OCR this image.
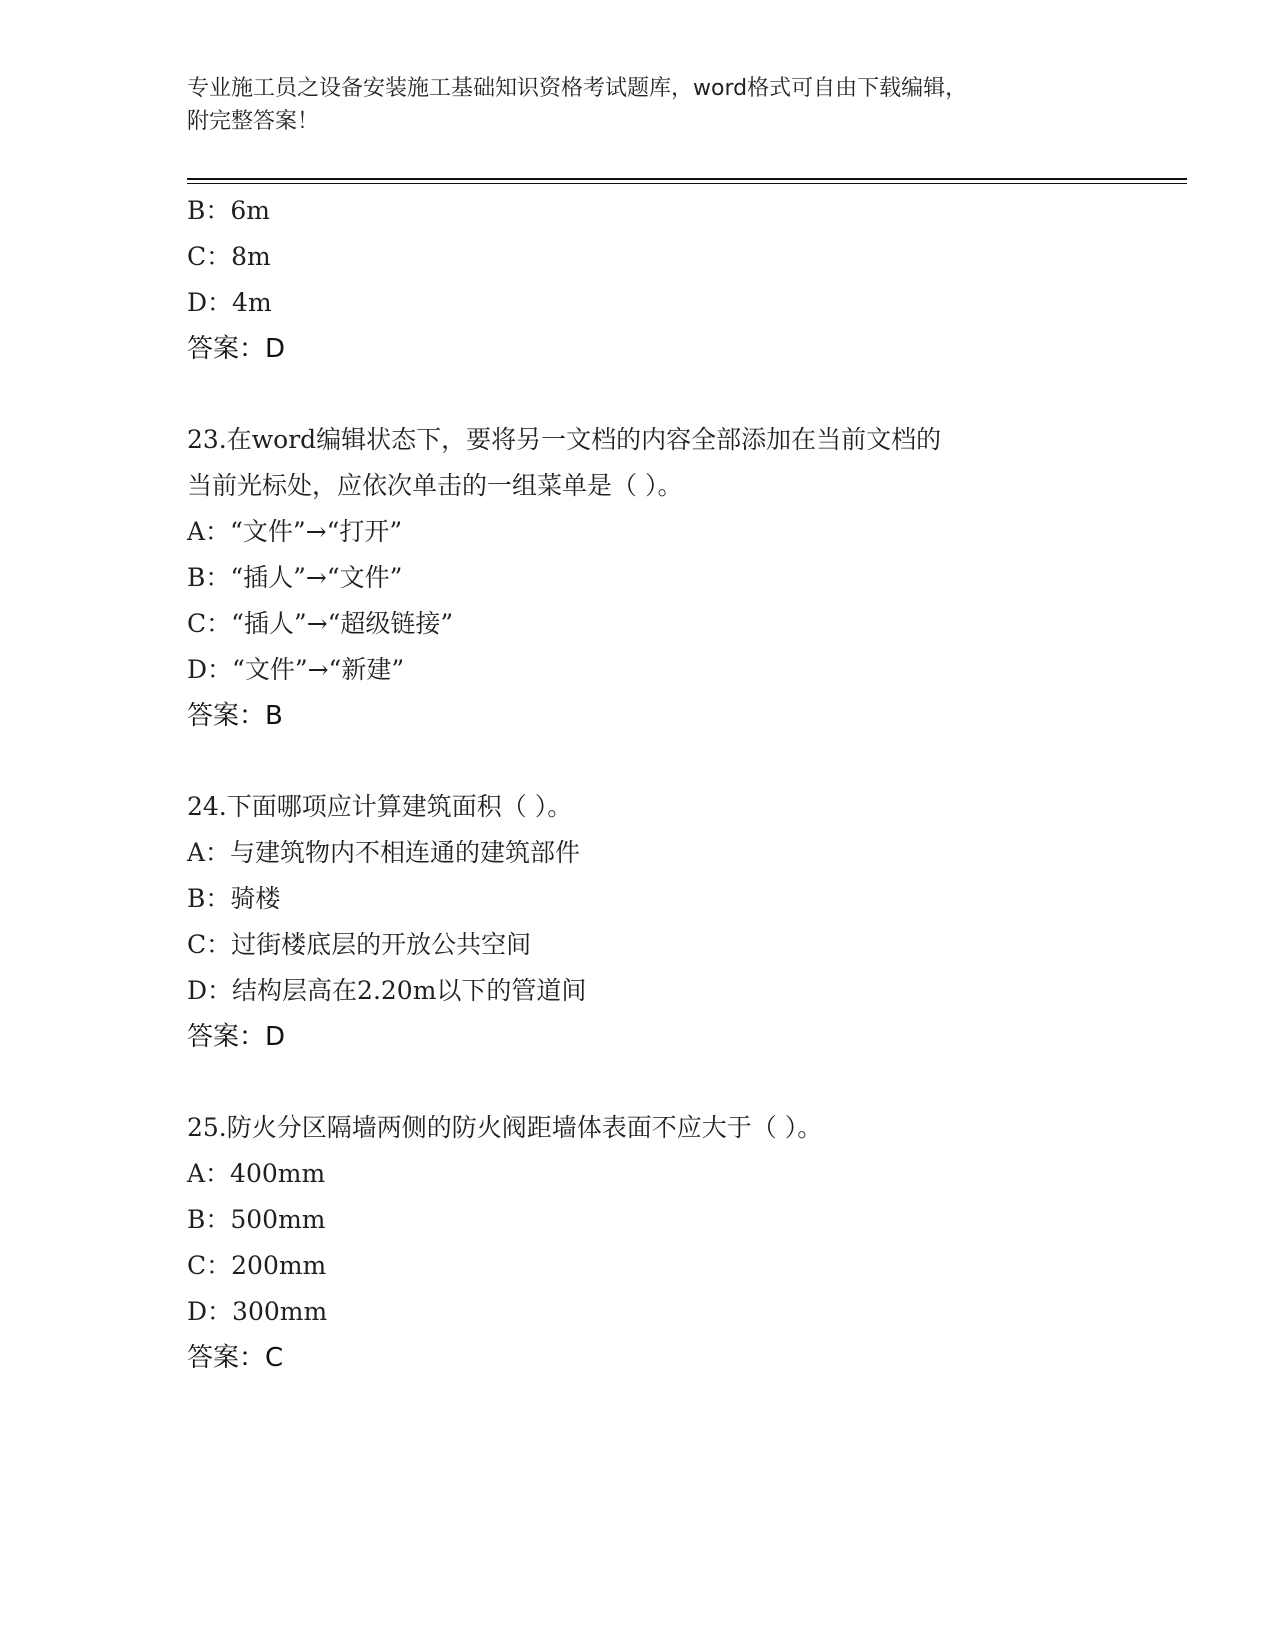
专业施工员之设备安装施工基础知识资格考试题库，word格式可自由下载编辑，
附完整答案！
B：6m
C：8m
D：4m
答案：D
23.在word编辑状态下，要将另一文档的内容全部添加在当前文档的
当前光标处，应依次单击的一组菜单是（ ）。
A：“文件”→“打开”
B：“插人”→“文件”
C：“插人”→“超级链接”
D：“文件”→“新建”
答案：B
24.下面哪项应计算建筑面积（ ）。
A：与建筑物内不相连通的建筑部件
B：骑楼
C：过街楼底层的开放公共空间
D：结构层高在2.20m以下的管道间
答案：D
25.防火分区隔墙两侧的防火阀距墙体表面不应大于（ ）。
A：400mm
B：500mm
C：200mm
D：300mm
答案：C
